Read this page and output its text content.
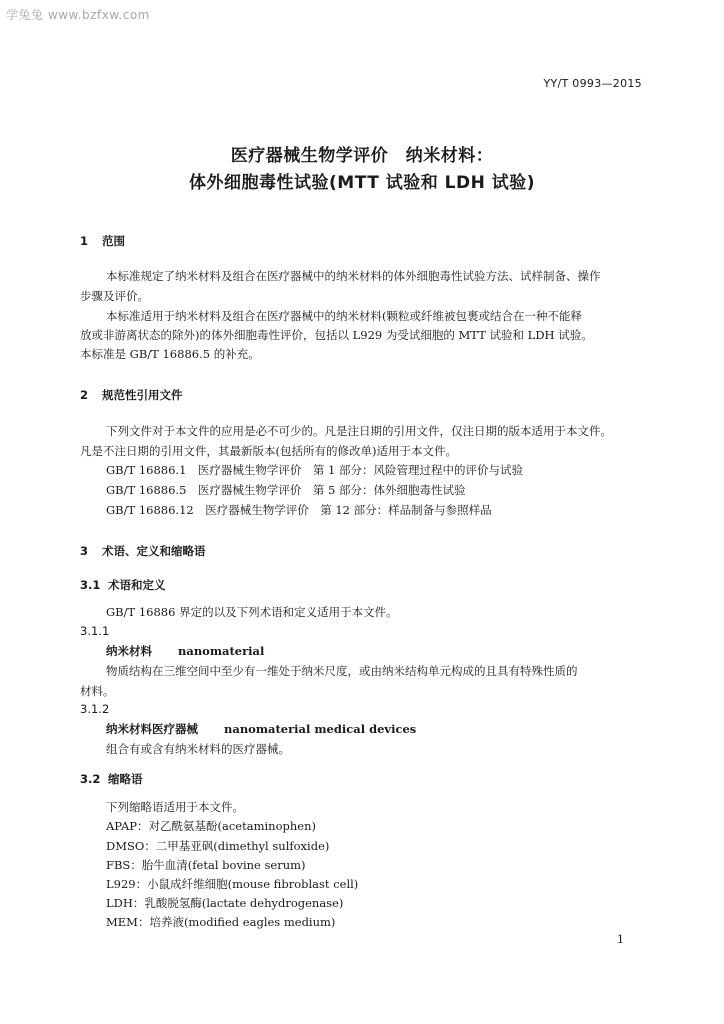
学兔兔 www.bzfxw.com
YY/T 0993—2015
医疗器械生物学评价　纳米材料：
体外细胞毒性试验(MTT 试验和 LDH 试验)
1 范围
本标准规定了纳米材料及组合在医疗器械中的纳米材料的体外细胞毒性试验方法、试样制备、操作
步骤及评价。
本标准适用于纳米材料及组合在医疗器械中的纳米材料(颗粒或纤维被包裹或结合在一种不能释
放或非游离状态的除外)的体外细胞毒性评价，包括以 L929 为受试细胞的 MTT 试验和 LDH 试验。
本标准是 GB/T 16886.5 的补充。
2 规范性引用文件
下列文件对于本文件的应用是必不可少的。凡是注日期的引用文件，仅注日期的版本适用于本文件。
凡是不注日期的引用文件，其最新版本(包括所有的修改单)适用于本文件。
GB/T 16886.1　医疗器械生物学评价　第 1 部分：风险管理过程中的评价与试验
GB/T 16886.5　医疗器械生物学评价　第 5 部分：体外细胞毒性试验
GB/T 16886.12　医疗器械生物学评价　第 12 部分：样品制备与参照样品
3 术语、定义和缩略语
3.1 术语和定义
GB/T 16886 界定的以及下列术语和定义适用于本文件。
3.1.1
纳米材料 nanomaterial
物质结构在三维空间中至少有一维处于纳米尺度，或由纳米结构单元构成的且具有特殊性质的
材料。
3.1.2
纳米材料医疗器械 nanomaterial medical devices
组合有或含有纳米材料的医疗器械。
3.2 缩略语
下列缩略语适用于本文件。
APAP：对乙酰氨基酚(acetaminophen)
DMSO：二甲基亚砜(dimethyl sulfoxide)
FBS：胎牛血清(fetal bovine serum)
L929：小鼠成纤维细胞(mouse fibroblast cell)
LDH：乳酸脱氢酶(lactate dehydrogenase)
MEM：培养液(modified eagles medium)
1
